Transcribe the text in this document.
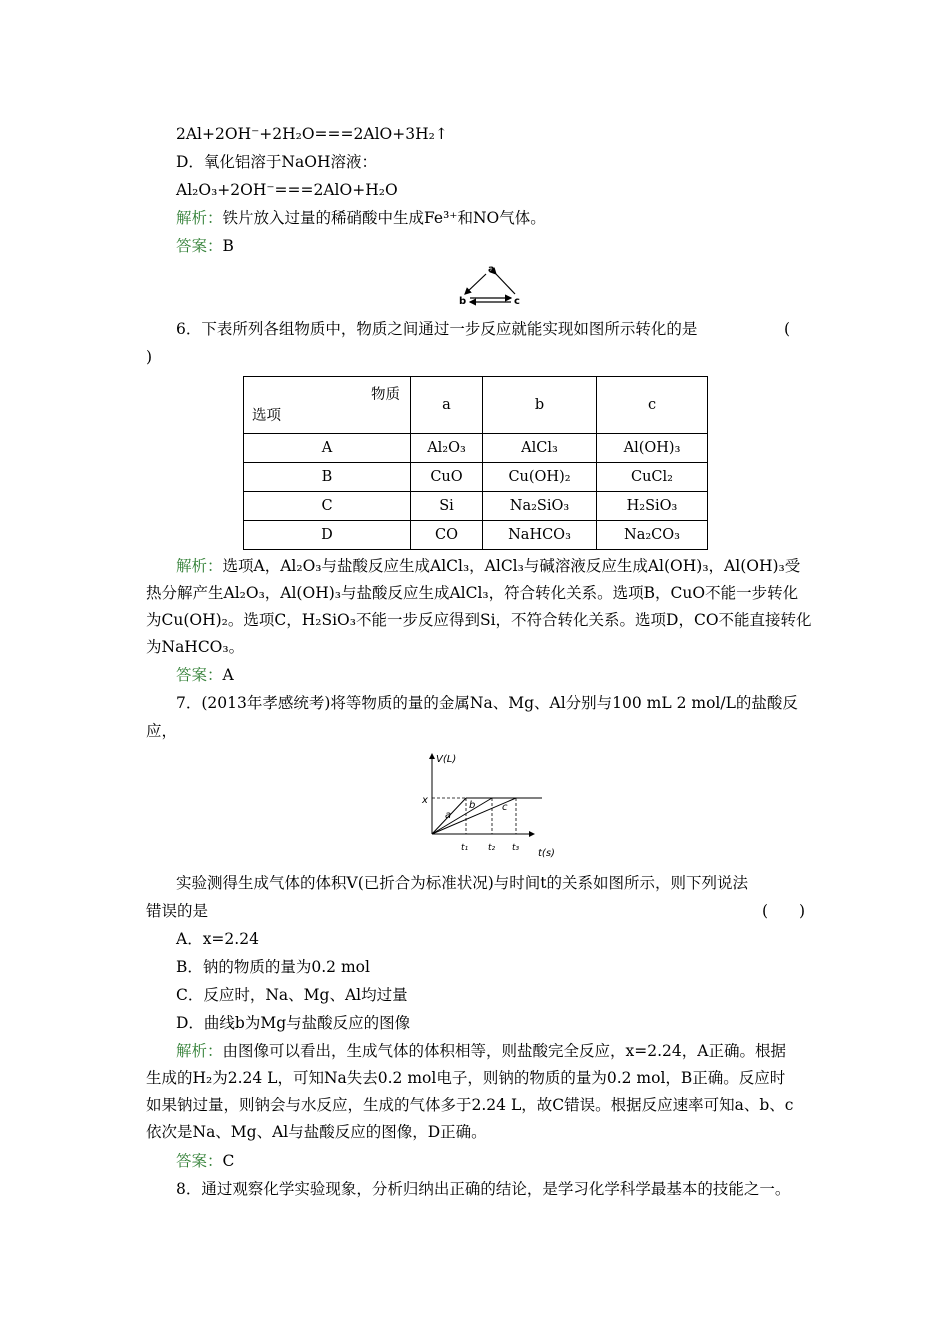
2Al+2OH⁻+2H₂O===2AlO+3H₂↑
D．氧化铝溶于NaOH溶液：
Al₂O₃+2OH⁻===2AlO+H₂O
解析：铁片放入过量的稀硝酸中生成Fe³⁺和NO气体。
答案：B
a
b	c
6．下表所列各组物质中，物质之间通过一步反应就能实现如图所示转化的是	(
)
物质
选项	a	b	c
A	Al₂O₃	AlCl₃	Al(OH)₃
B	CuO	Cu(OH)₂	CuCl₂
C	Si	Na₂SiO₃	H₂SiO₃
D	CO	NaHCO₃	Na₂CO₃
解析：选项A，Al₂O₃与盐酸反应生成AlCl₃，AlCl₃与碱溶液反应生成Al(OH)₃，Al(OH)₃受
热分解产生Al₂O₃，Al(OH)₃与盐酸反应生成AlCl₃，符合转化关系。选项B，CuO不能一步转化
为Cu(OH)₂。选项C，H₂SiO₃不能一步反应得到Si，不符合转化关系。选项D，CO不能直接转化
为NaHCO₃。
答案：A
7．(2013年孝感统考)将等物质的量的金属Na、Mg、Al分别与100 mL 2 mol/L的盐酸反
应，
V(L)
t(s)
x
a
b	c
t₁ t₂ t₃
实验测得生成气体的体积V(已折合为标准状况)与时间t的关系如图所示，则下列说法
错误的是	(　　)
A．x=2.24
B．钠的物质的量为0.2 mol
C．反应时，Na、Mg、Al均过量
D．曲线b为Mg与盐酸反应的图像
解析：由图像可以看出，生成气体的体积相等，则盐酸完全反应，x=2.24，A正确。根据
生成的H₂为2.24 L，可知Na失去0.2 mol电子，则钠的物质的量为0.2 mol，B正确。反应时
如果钠过量，则钠会与水反应，生成的气体多于2.24 L，故C错误。根据反应速率可知a、b、c
依次是Na、Mg、Al与盐酸反应的图像，D正确。
答案：C
8．通过观察化学实验现象，分析归纳出正确的结论，是学习化学科学最基本的技能之一。
